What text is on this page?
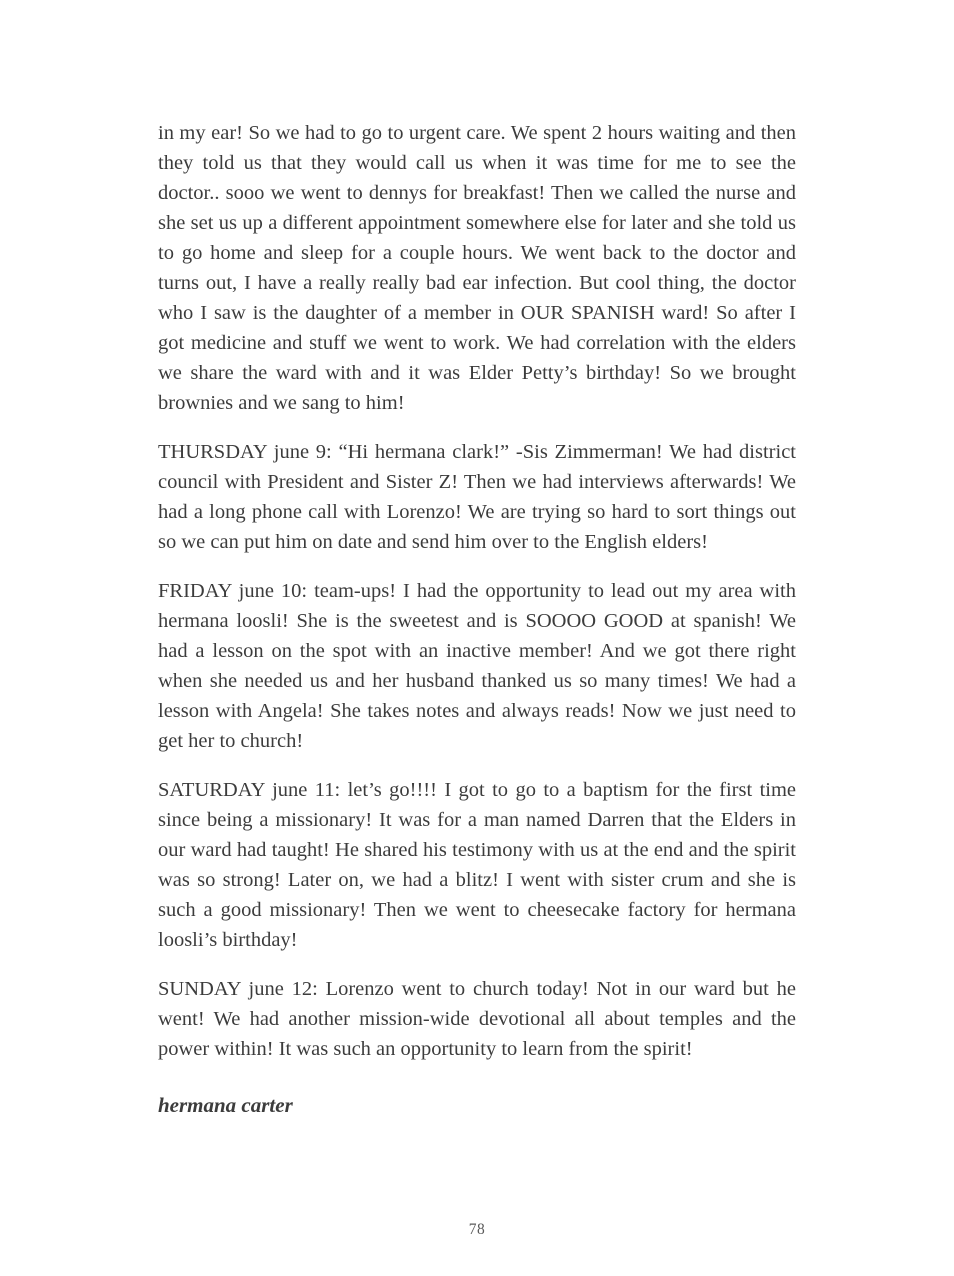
in my ear! So we had to go to urgent care. We spent 2 hours waiting and then they told us that they would call us when it was time for me to see the doctor.. sooo we went to dennys for breakfast! Then we called the nurse and she set us up a different appointment somewhere else for later and she told us to go home and sleep for a couple hours. We went back to the doctor and turns out, I have a really really bad ear infection. But cool thing, the doctor who I saw is the daughter of a member in OUR SPANISH ward! So after I got medicine and stuff we went to work. We had correlation with the elders we share the ward with and it was Elder Petty’s birthday! So we brought brownies and we sang to him!

THURSDAY june 9: “Hi hermana clark!” -Sis Zimmerman! We had district council with President and Sister Z! Then we had interviews afterwards! We had a long phone call with Lorenzo! We are trying so hard to sort things out so we can put him on date and send him over to the English elders!

FRIDAY june 10: team-ups! I had the opportunity to lead out my area with hermana loosli! She is the sweetest and is SOOOO GOOD at spanish! We had a lesson on the spot with an inactive member! And we got there right when she needed us and her husband thanked us so many times! We had a lesson with Angela! She takes notes and always reads! Now we just need to get her to church!

SATURDAY june 11: let’s go!!!! I got to go to a baptism for the first time since being a missionary! It was for a man named Darren that the Elders in our ward had taught! He shared his testimony with us at the end and the spirit was so strong! Later on, we had a blitz! I went with sister crum and she is such a good missionary! Then we went to cheesecake factory for hermana loosli’s birthday!

SUNDAY june 12: Lorenzo went to church today! Not in our ward but he went! We had another mission-wide devotional all about temples and the power within! It was such an opportunity to learn from the spirit!

hermana carter

78
